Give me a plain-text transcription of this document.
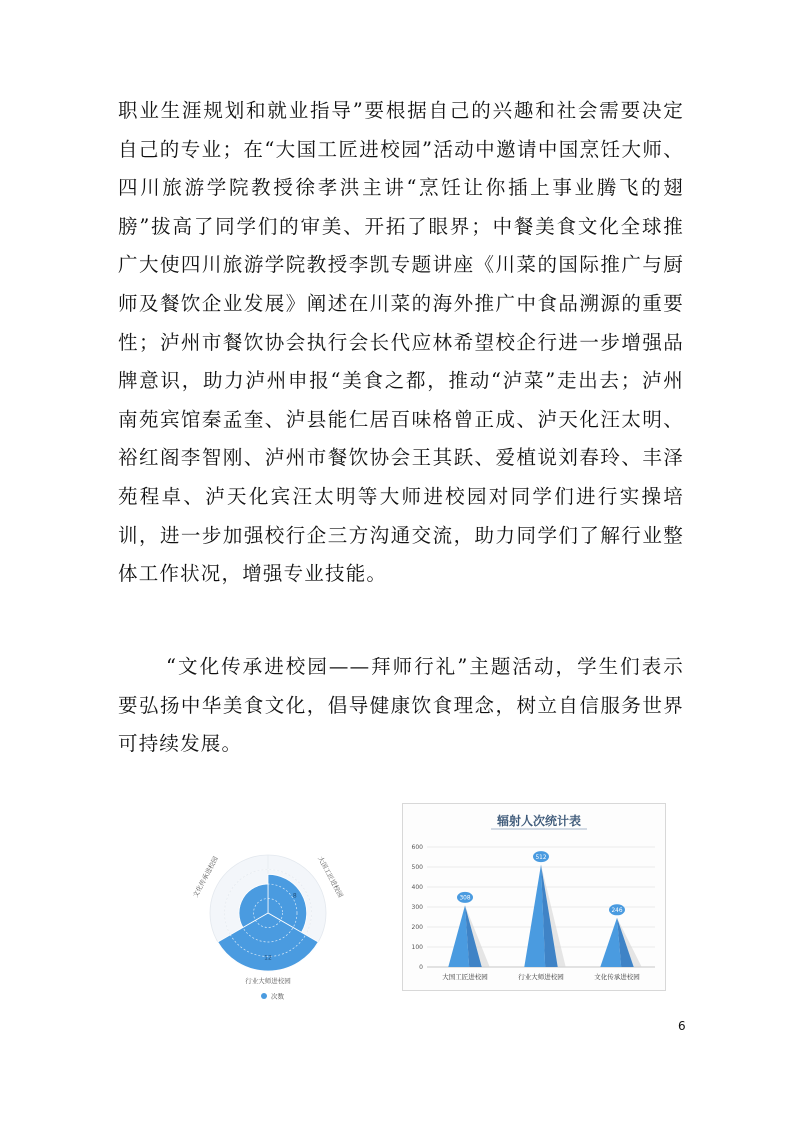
职业生涯规划和就业指导”要根据自己的兴趣和社会需要决定自己的专业；在“大国工匠进校园”活动中邀请中国烹饪大师、四川旅游学院教授徐孝洪主讲“烹饪让你插上事业腾飞的翅膀”拔高了同学们的审美、开拓了眼界；中餐美食文化全球推广大使四川旅游学院教授李凯专题讲座《川菜的国际推广与厨师及餐饮企业发展》阐述在川菜的海外推广中食品溯源的重要性；泸州市餐饮协会执行会长代应林希望校企行进一步增强品牌意识，助力泸州申报“美食之都，推动“泸菜”走出去；泸州南苑宾馆秦孟奎、泸县能仁居百味格曾正成、泸天化汪太明、裕红阁李智刚、泸州市餐饮协会王其跃、爱植说刘春玲、丰泽苑程卓、泸天化宾汪太明等大师进校园对同学们进行实操培训，进一步加强校行企三方沟通交流，助力同学们了解行业整体工作状况，增强专业技能。

“文化传承进校园——拜师行礼”主题活动，学生们表示要弘扬中华美食文化，倡导健康饮食理念，树立自信服务世界可持续发展。

8
12
大国工匠进校园
行业大师进校园
文化传承进校园
次数
辐射人次统计表
0
100
200
300
400
500
600
308
512
246
大国工匠进校园	行业大师进校园	文化传承进校园
6
